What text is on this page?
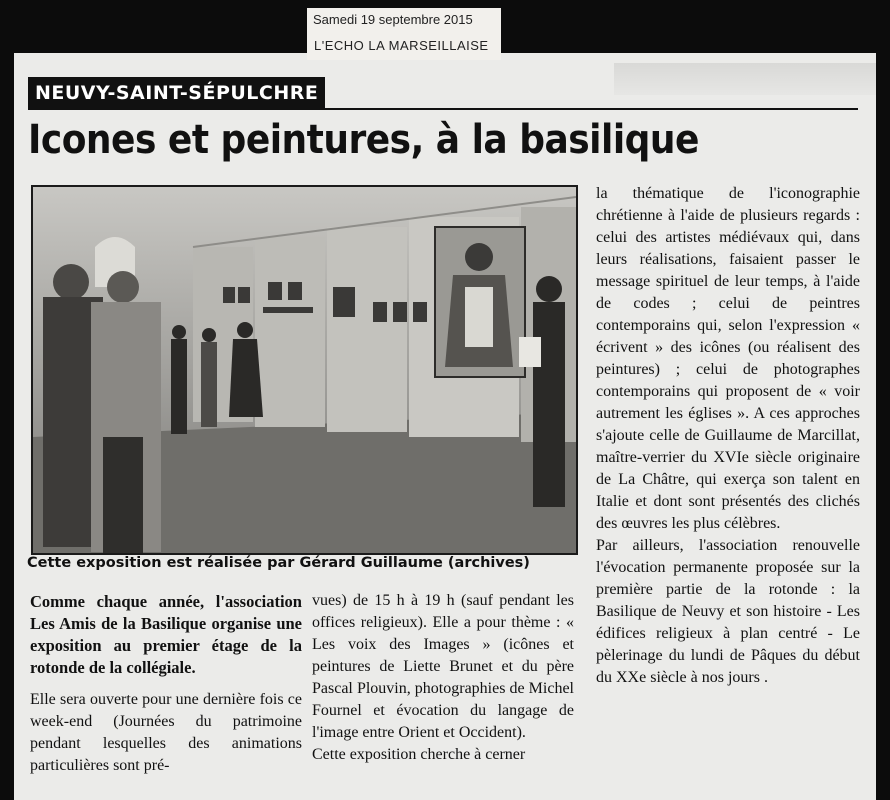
Samedi 19 septembre 2015
L'ECHO LA MARSEILLAISE
NEUVY-SAINT-SÉPULCHRE
Icones et peintures, à la basilique
Cette exposition est réalisée par Gérard Guillaume (archives)

Comme chaque année, l'association Les Amis de la Basilique organise une exposition au premier étage de la rotonde de la collégiale.

Elle sera ouverte pour une dernière fois ce week-end (Journées du patrimoine pendant lesquelles des animations particulières sont pré-

vues) de 15 h à 19 h (sauf pendant les offices religieux). Elle a pour thème : « Les voix des Images » (icônes et peintures de Liette Brunet et du père Pascal Plouvin, photographies de Michel Fournel et évocation du langage de l'image entre Orient et Occident).

Cette exposition cherche à cerner

la thématique de l'iconographie chrétienne à l'aide de plusieurs regards : celui des artistes médiévaux qui, dans leurs réalisations, faisaient passer le message spirituel de leur temps, à l'aide de codes ; celui de peintres contemporains qui, selon l'expression « écrivent » des icônes (ou réalisent des peintures) ; celui de photographes contemporains qui proposent de « voir autrement les églises ». A ces approches s'ajoute celle de Guillaume de Marcillat, maître-verrier du XVIe siècle originaire de La Châtre, qui exerça son talent en Italie et dont sont présentés des clichés des œuvres les plus célèbres.

Par ailleurs, l'association renouvelle l'évocation permanente proposée sur la première partie de la rotonde : la Basilique de Neuvy et son histoire - Les édifices religieux à plan centré - Le pèlerinage du lundi de Pâques du début du XXe siècle à nos jours .
